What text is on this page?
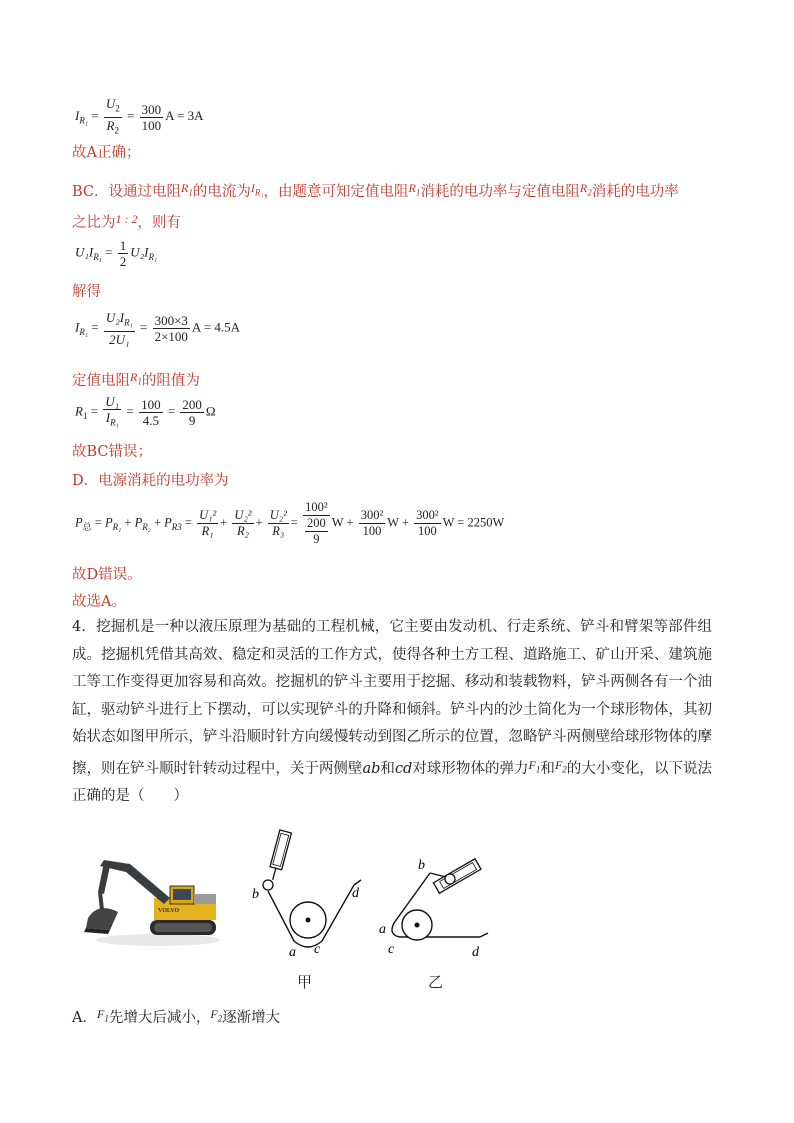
$I_{R_1} = \frac{U_2}{R_2} = \frac{300}{100}$ A = 3A
故A正确；
BC．设通过电阻$^{R_1}$的电流为$^{I_{R_1}}$，由题意可知定值电阻$^{R_1}$消耗的电功率与定值电阻$^{R_2}$消耗的电功率
之比为$^{1 : 2}$，则有
$U_1I_{R_1} = \frac{1}{2} U_2I_{R_1}$
解得
$I_{R_1} = \frac{U_2I_{R_1}}{\text{2U₁}} = \frac{300\times 3}{2\times 100}$ A = 4.5A
定值电阻$^{R_1}$的阻值为
$R_1 = \frac{\text{U₁}}{I_{R_1}} = \frac{100}{4.5} = \frac{200}{9}$ Ω
故BC错误；
D．电源消耗的电功率为
$P_总 = P_{R_1} + P_{R_2} + P_{R3} = \frac{\text{U₁²}}{\text{R₁}} + \frac{\text{U₂²}}{\text{R₂}} + \frac{\text{U₂²}}{\text{R₃}} = \frac{\text{100²}}{\frac{200}{9}}$ $W + \frac{\text{300²}}{100}$ $W + \frac{\text{300²}}{100}$ W = 2250W
故D错误。
故选A。
4．挖掘机是一种以液压原理为基础的工程机械，它主要由发动机、行走系统、铲斗和臂架等部件组成。挖掘机凭借其高效、稳定和灵活的工作方式，使得各种土方工程、道路施工、矿山开采、建筑施工等工作变得更加容易和高效。挖掘机的铲斗主要用于挖掘、移动和装载物料，铲斗两侧各有一个油缸，驱动铲斗进行上下摆动，可以实现铲斗的升降和倾斜。铲斗内的沙土简化为一个球形物体，其初始状态如图甲所示，铲斗沿顺时针方向缓慢转动到图乙所示的位置，忽略铲斗两侧壁给球形物体的摩擦，则在铲斗顺时针转动过程中，关于两侧壁ab和cd对球形物体的弹力$^{F_1}$和$^{F_2}$的大小变化，以下说法正确的是（　　）
VOLVO
b	d
a c
甲
b
a
c	d
乙
A．$^{F_1}$先增大后减小，$^{F_2}$逐渐增大
